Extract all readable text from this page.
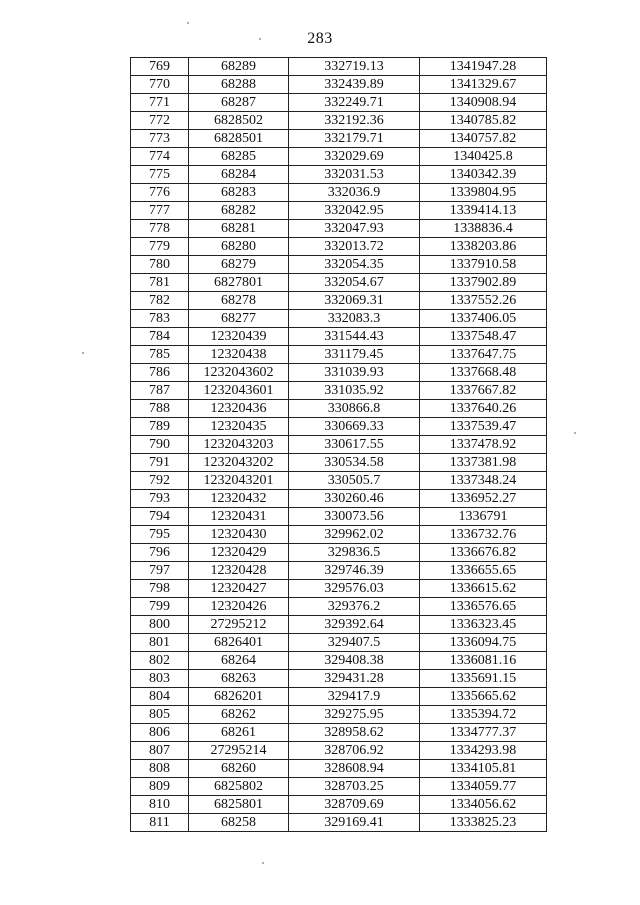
283
769	68289	332719.13	1341947.28
770	68288	332439.89	1341329.67
771	68287	332249.71	1340908.94
772	6828502	332192.36	1340785.82
773	6828501	332179.71	1340757.82
774	68285	332029.69	1340425.8
775	68284	332031.53	1340342.39
776	68283	332036.9	1339804.95
777	68282	332042.95	1339414.13
778	68281	332047.93	1338836.4
779	68280	332013.72	1338203.86
780	68279	332054.35	1337910.58
781	6827801	332054.67	1337902.89
782	68278	332069.31	1337552.26
783	68277	332083.3	1337406.05
784	12320439	331544.43	1337548.47
785	12320438	331179.45	1337647.75
786	1232043602	331039.93	1337668.48
787	1232043601	331035.92	1337667.82
788	12320436	330866.8	1337640.26
789	12320435	330669.33	1337539.47
790	1232043203	330617.55	1337478.92
791	1232043202	330534.58	1337381.98
792	1232043201	330505.7	1337348.24
793	12320432	330260.46	1336952.27
794	12320431	330073.56	1336791
795	12320430	329962.02	1336732.76
796	12320429	329836.5	1336676.82
797	12320428	329746.39	1336655.65
798	12320427	329576.03	1336615.62
799	12320426	329376.2	1336576.65
800	27295212	329392.64	1336323.45
801	6826401	329407.5	1336094.75
802	68264	329408.38	1336081.16
803	68263	329431.28	1335691.15
804	6826201	329417.9	1335665.62
805	68262	329275.95	1335394.72
806	68261	328958.62	1334777.37
807	27295214	328706.92	1334293.98
808	68260	328608.94	1334105.81
809	6825802	328703.25	1334059.77
810	6825801	328709.69	1334056.62
811	68258	329169.41	1333825.23
